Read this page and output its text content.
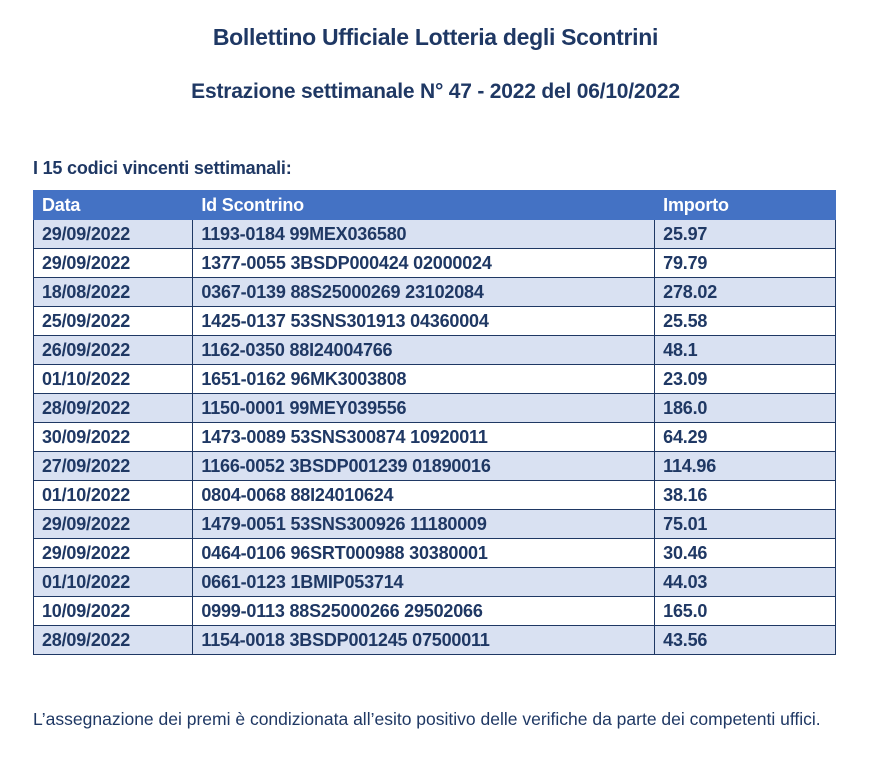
Bollettino Ufficiale Lotteria degli Scontrini
Estrazione settimanale N° 47 - 2022 del 06/10/2022
I 15 codici vincenti settimanali:
Data	Id Scontrino	Importo
29/09/2022	1193-0184 99MEX036580	25.97
29/09/2022	1377-0055 3BSDP000424 02000024	79.79
18/08/2022	0367-0139 88S25000269 23102084	278.02
25/09/2022	1425-0137 53SNS301913 04360004	25.58
26/09/2022	1162-0350 88I24004766	48.1
01/10/2022	1651-0162 96MK3003808	23.09
28/09/2022	1150-0001 99MEY039556	186.0
30/09/2022	1473-0089 53SNS300874 10920011	64.29
27/09/2022	1166-0052 3BSDP001239 01890016	114.96
01/10/2022	0804-0068 88I24010624	38.16
29/09/2022	1479-0051 53SNS300926 11180009	75.01
29/09/2022	0464-0106 96SRT000988 30380001	30.46
01/10/2022	0661-0123 1BMIP053714	44.03
10/09/2022	0999-0113 88S25000266 29502066	165.0
28/09/2022	1154-0018 3BSDP001245 07500011	43.56
L’assegnazione dei premi è condizionata all’esito positivo delle verifiche da parte dei competenti uffici.
